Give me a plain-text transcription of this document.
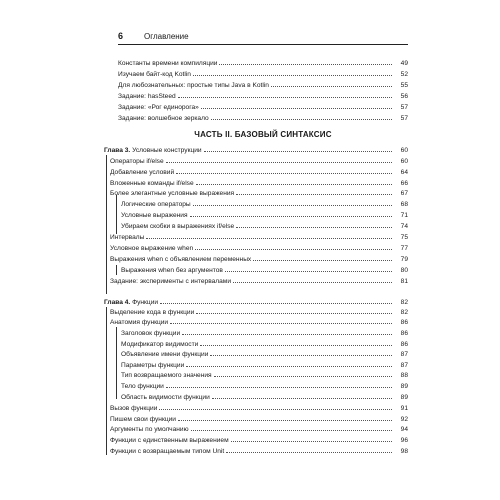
6	Оглавление
Константы времени компиляции	49
Изучаем байт-код Kotlin	52
Для любознательных: простые типы Java в Kotlin	55
Задание: hasSteed	56
Задание: «Рог единорога»	57
Задание: волшебное зеркало	57
ЧАСТЬ II. БАЗОВЫЙ СИНТАКСИС
Глава 3. Условные конструкции	60
Операторы if/else	60
Добавление условий	64
Вложенные команды if/else	66
Более элегантные условные выражения	67
Логические операторы	68
Условные выражения	71
Убираем скобки в выражениях if/else	74
Интервалы	75
Условное выражение when	77
Выражения when с объявлением переменных	79
Выражения when без аргументов	80
Задание: эксперименты с интервалами	81
Глава 4. Функции	82
Выделение кода в функции	82
Анатомия функции	86
Заголовок функции	86
Модификатор видимости	86
Объявление имени функции	87
Параметры функции	87
Тип возвращаемого значения	88
Тело функции	89
Область видимости функции	89
Вызов функции	91
Пишем свои функции	92
Аргументы по умолчанию	94
Функции с единственным выражением	96
Функции с возвращаемым типом Unit	98
